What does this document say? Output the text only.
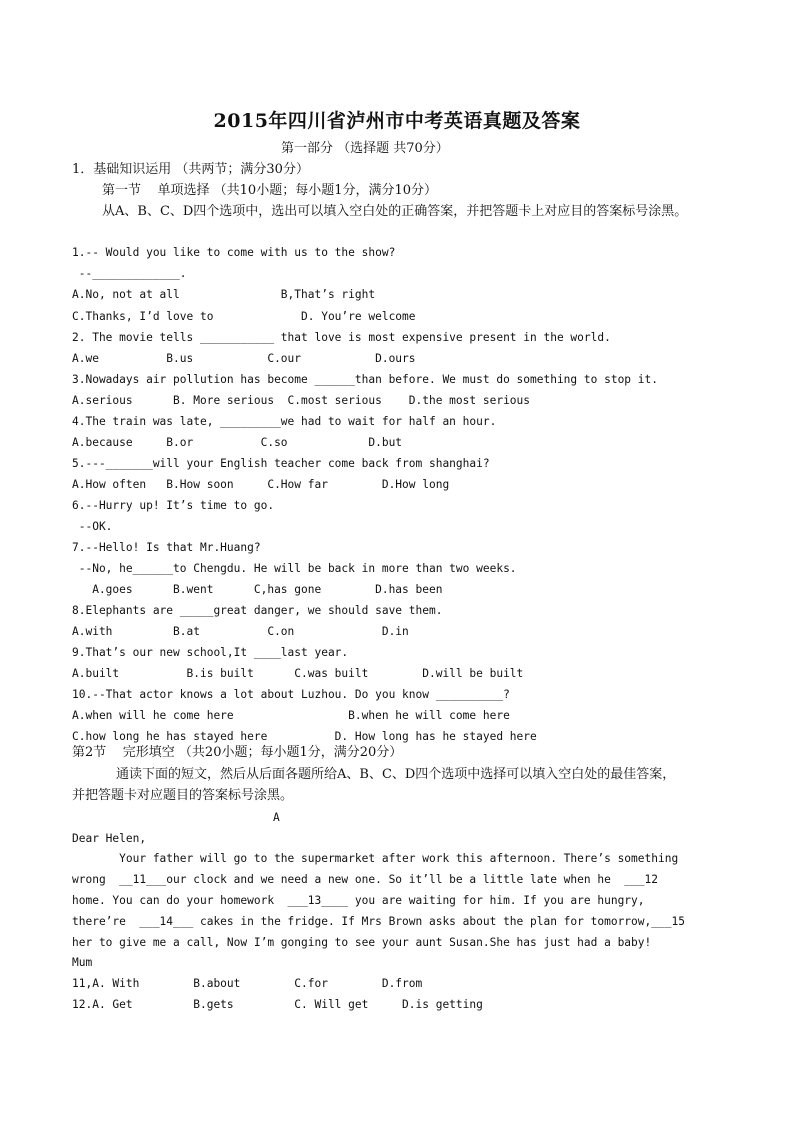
2015年四川省泸州市中考英语真题及答案
第一部分 （选择题 共70分）
1．基础知识运用 （共两节；满分30分）
第一节    单项选择 （共10小题；每小题1分，满分10分）
从A、B、C、D四个选项中，选出可以填入空白处的正确答案，并把答题卡上对应目的答案标号涂黑。
1.-- Would you like to come with us to the show?
--_____________.
A.No, not at all               B,That’s right
C.Thanks, I’d love to             D. You’re welcome
2. The movie tells ___________ that love is most expensive present in the world.
A.we          B.us           C.our           D.ours
3.Nowadays air pollution has become ______than before. We must do something to stop it.
A.serious      B. More serious  C.most serious    D.the most serious
4.The train was late, _________we had to wait for half an hour.
A.because     B.or          C.so            D.but
5.---_______will your English teacher come back from shanghai?
A.How often   B.How soon     C.How far        D.How long
6.--Hurry up! It’s time to go.
--OK.
7.--Hello! Is that Mr.Huang?
--No, he______to Chengdu. He will be back in more than two weeks.
A.goes      B.went      C,has gone        D.has been
8.Elephants are _____great danger, we should save them.
A.with         B.at          C.on             D.in
9.That’s our new school,It ____last year.
A.built          B.is built      C.was built        D.will be built
10.--That actor knows a lot about Luzhou. Do you know __________?
A.when will he come here                 B.when he will come here
C.how long he has stayed here          D. How long has he stayed here
第2节    完形填空 （共20小题；每小题1分，满分20分）
通读下面的短文，然后从后面各题所给A、B、C、D四个选项中选择可以填入空白处的最佳答案，
并把答题卡对应题目的答案标号涂黑。
A
Dear Helen,
Your father will go to the supermarket after work this afternoon. There’s something
wrong  __11___our clock and we need a new one. So it’ll be a little late when he  ___12
home. You can do your homework  ___13____ you are waiting for him. If you are hungry,
there’re  ___14___ cakes in the fridge. If Mrs Brown asks about the plan for tomorrow,___15
her to give me a call, Now I’m gonging to see your aunt Susan.She has just had a baby!
Mum
11,A. With        B.about        C.for        D.from
12.A. Get         B.gets         C. Will get     D.is getting
